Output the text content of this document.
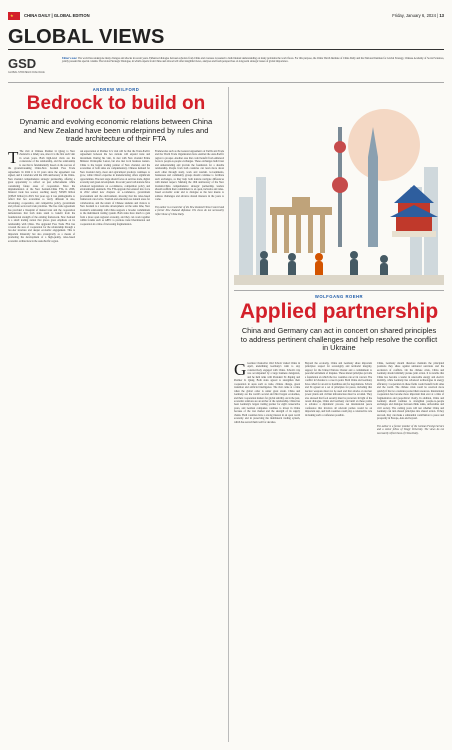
★ CHINA DAILY | GLOBAL EDITION	Friday, January 6, 2024 | 13
GLOBAL VIEWS
GSD
GLOBAL STRATEGIC DIALOGUE
Editor's note: The world has undergone many changes and shocks in recent years. Enhanced dialogue between scholars from China and overseas is needed to build mutual understanding on many problems the world faces. For this purpose, the China Watch Institute of China Daily and the National Institute for Global Strategy, Chinese Academy of Social Sciences, jointly present this special column. The Global Strategic Dialogue, in which experts from China and abroad will offer insightful views, analyses and fresh perspectives on long-term strategic issues of global importance.
ANDREW WILFORD
Bedrock to build on
Dynamic and evolving economic relations between China and New Zealand have been underpinned by rules and trade architecture of their FTA
T The visit of Chinese Premier Li Qiang to New Zealand is a timely one, since it is the first such visit in seven years. Both high-level visits are the cornerstone of the relationship, and the relationship is one that is fundamentally based on the success of the ground-breaking China-New Zealand Free Trade Agreement. In 2024 it is 16 years since the agreement was signed, and it coincides with the 10th anniversary of the China-New Zealand comprehensive strategic partnership, offering a great opportunity to reflect on past achievements while considering future areas of cooperation. Since the implementation of the New Zealand-China FTA in 2008, bilateral trade has soared, reaching nearly NZ$38 billion (US$23 billion) in 2023. Ten years ago it was unimaginable to reflect that two economies so vastly different in size, developing, cooperative, and competitive policy, government and private sector-led trade priorities. The free trade agreement has provided a blueprint of mutual trust and the cooperation demonstrates that both sides stand to benefit from the foundational strength of the existing framework. New Zealand is a small trading nation that places great emphasis on its relationship with China. The upgraded Free Trade FTA has covered the area of cooperation for the relationship through a two-tier structure and deeper economic engagement. This is important bilaterally but also strategically as a means of promoting the development of a high-quality, rules-based economic architecture in the Asia-Pacific region.
An expectation of Premier Li's visit will be that the Trans-Pacific Agreement between the two nations will expand trade and investment. During his visit, Li met with New Zealand Prime Minister Christopher Luxon, but also met local business leaders. China is the largest trading partner of New Zealand, and the economies of both sides are complementary. Chinese demand for New Zealand dairy, meat and agricultural products continues to grow, while China's expertise in manufacturing offers significant opportunities. The next stage should focus on services trade, digital economy and green development. In recent years both nations have advanced negotiations on e-commerce, competition policy and environmental standards. The FTA upgrade that entered into force in 2022 added new chapters on e-commerce, government procurement and the environment, showing that the rules-based framework can evolve. Tourism and education are natural areas for collaboration, and the return of Chinese students and visitors to New Zealand is a welcome development. At the same time, New Zealand's relationship with China supports a broader commitment to the multilateral trading system. Both sides have much to gain from a more open regional economy, and they can work together within forums such as APEC to promote trade liberalization and cooperation in a time of increasing fragmentation.
Frameworks such as the General Agreement on Tariffs and Trade and the World Trade Organization have enabled the Asia-Pacific region to prosper. Another area that could benefit from enhanced focus is people-to-people exchanges. These exchanges build trust and understanding and provide the foundation for a durable relationship. People from both countries can learn more about each other through study, work and tourism. Governments, businesses and community groups should continue to facilitate such exchanges, as they help both nations navigate differences with mutual respect. Marking the 10th anniversary of the New Zealand-China comprehensive strategic partnership, leaders should reaffirm their commitment to an open, inclusive and rules-based economic order and to dialogue as the best means to address challenges and advance shared interests in the years to come.

The author is a researcher of the New Zealand China Council and a former New Zealand diplomat. The views do not necessarily reflect those of China Daily.

WOLFGANG ROEHR
Applied partnership
China and Germany can act in concert on shared principles to address pertinent challenges and help resolve the conflict in Ukraine
G German Chancellor Olaf Scholz visited China in April, underlining Germany's wish to stay constructively engaged with China. Scholz's trip was accompanied by a large business delegation, and he held talks with President Xi Jinping and Premier Li Qiang. Both sides agreed to strengthen their cooperation in areas such as trade, climate change, green transition and artificial intelligence. The visit came at a time when the global order is under great strain. China and Germany are the world's second and third largest economies, and their cooperation matters for global stability. As in the past, economic relations are an anchor of the relationship. China has been Germany's largest trading partner for eight consecutive years, and German companies continue to invest in China because of the vast market and the strength of its supply chains. Both countries have a strong interest in an open world economy and in preserving the multilateral trading system, which has served them well for decades.
Beyond the economy, China and Germany share important principles: respect for sovereignty and territorial integrity, support for the United Nations Charter and a commitment to peaceful settlement of disputes. These shared principles provide a foundation on which the two countries can act in concert. The conflict in Ukraine is a case in point. Both China and Germany have called for an end to hostilities and for negotiations. Scholz and Xi agreed on a set of principles for peace, including that nuclear weapons must not be used and that attacks on nuclear power plants and civilian infrastructure must be avoided. They also stressed that food security must be protected. In light of the recent dialogue, China and Germany can build on these points to advance a diplomatic process. An international peace conference that involves all relevant parties would be an important step, and both countries could play a constructive role in making such a conference possible.
China, Germany should therefore maintain the principled positions they share against unilateral sanctions and the escalation of conflicts. On the climate crisis, China and Germany should similarly pursue joint action. It is notable that China has become a leader in renewable energy and electric mobility, while Germany has advanced technologies in energy efficiency. Cooperation in these fields would benefit both sides and the world. The climate crisis could be resolved more quickly if the two countries pooled their resources. International cooperation has become more important than ever at a time of fragmentation and geopolitical rivalry. In addition, China and Germany should continue to strengthen people-to-people exchanges and dialogue between think tanks, universities and civil society. The coming years will test whether China and Germany can turn shared principles into shared action. If they succeed, they can make a substantial contribution to peace and prosperity in Europe, Asia and beyond.

The author is a former member of the German Foreign Service and a senior fellow of Tongji University. The views do not necessarily reflect those of China Daily.
